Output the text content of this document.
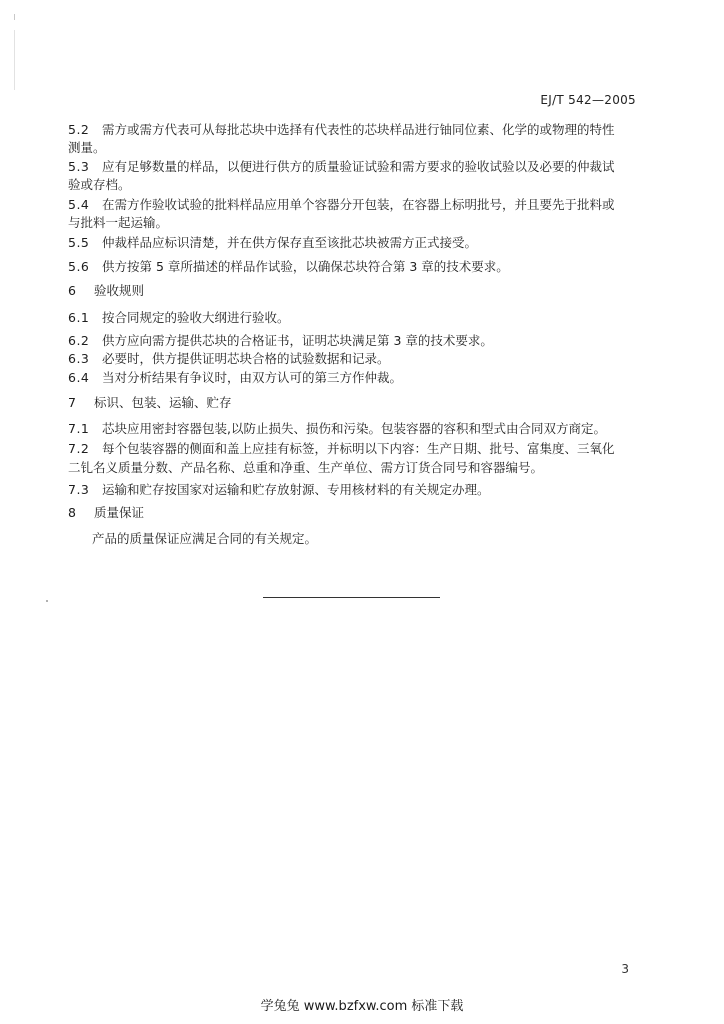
EJ/T 542—2005
5.2 需方或需方代表可从每批芯块中选择有代表性的芯块样品进行铀同位素、化学的或物理的特性
测量。
5.3 应有足够数量的样品，以便进行供方的质量验证试验和需方要求的验收试验以及必要的仲裁试
验或存档。
5.4 在需方作验收试验的批料样品应用单个容器分开包装，在容器上标明批号，并且要先于批料或
与批料一起运输。
5.5 仲裁样品应标识清楚，并在供方保存直至该批芯块被需方正式接受。
5.6 供方按第 5 章所描述的样品作试验，以确保芯块符合第 3 章的技术要求。
6 验收规则
6.1 按合同规定的验收大纲进行验收。
6.2 供方应向需方提供芯块的合格证书，证明芯块满足第 3 章的技术要求。
6.3 必要时，供方提供证明芯块合格的试验数据和记录。
6.4 当对分析结果有争议时，由双方认可的第三方作仲裁。
7 标识、包装、运输、贮存
7.1 芯块应用密封容器包装,以防止损失、损伤和污染。包装容器的容积和型式由合同双方商定。
7.2 每个包装容器的侧面和盖上应挂有标签，并标明以下内容：生产日期、批号、富集度、三氧化
二钆名义质量分数、产品名称、总重和净重、生产单位、需方订货合同号和容器编号。
7.3 运输和贮存按国家对运输和贮存放射源、专用核材料的有关规定办理。
8 质量保证
产品的质量保证应满足合同的有关规定。
3
学兔兔 www.bzfxw.com 标准下载
